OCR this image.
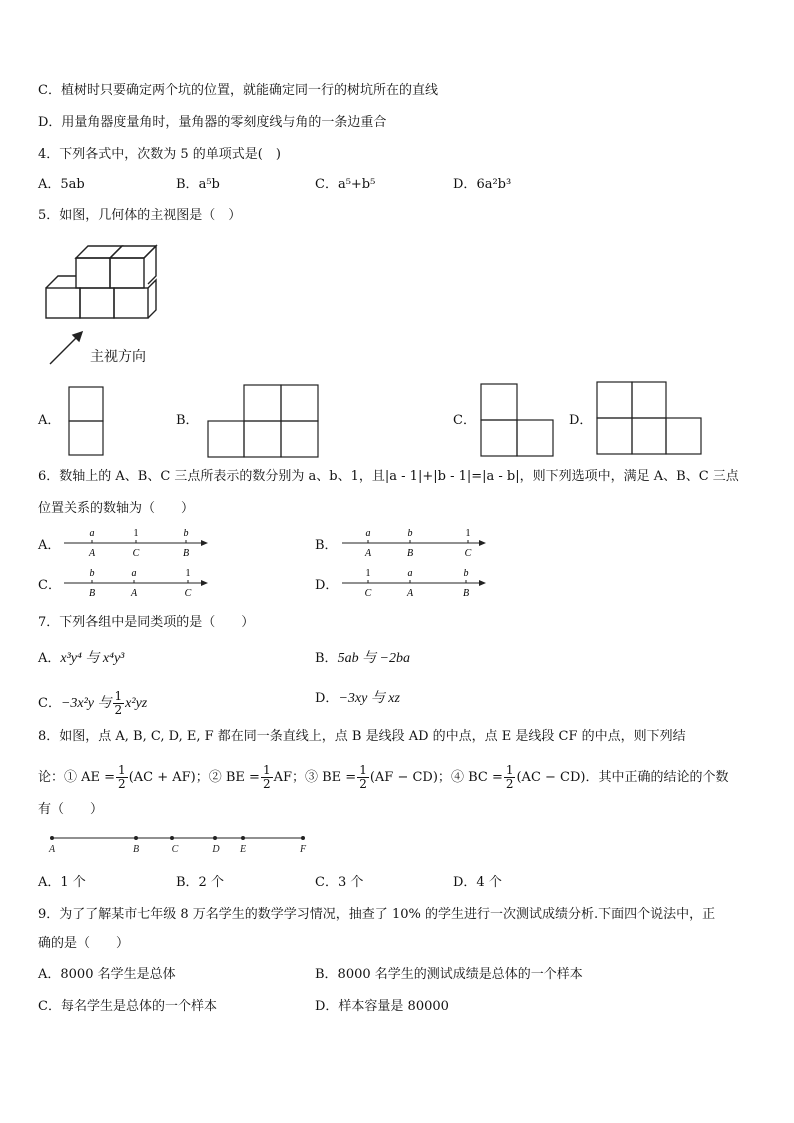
C．植树时只要确定两个坑的位置，就能确定同一行的树坑所在的直线
D．用量角器度量角时，量角器的零刻度线与角的一条边重合
4．下列各式中，次数为 5 的单项式是(　)
A．5ab	B．a⁵b	C．a⁵+b⁵	D．6a²b³
5．如图，几何体的主视图是（　）
主视方向
A．	B．	C．	D．
6．数轴上的 A、B、C 三点所表示的数分别为 a、b、1，且|a - 1|+|b - 1|=|a - b|，则下列选项中，满足 A、B、C 三点
位置关系的数轴为（　　）
A．
a	1	b
A	C	B
B．
a	b	1
A	B	C
C．
b	a	1
B	A	C
D．
1	a	b
C	A	B
7．下列各组中是同类项的是（　　）
A．x³y⁴ 与 x⁴y³	B．5ab 与 −2ba
C．−3x²y 与 $\frac{1}{2} x^2yz$	D．−3xy 与 xz
8．如图，点 A, B, C, D, E, F 都在同一条直线上，点 B 是线段 AD 的中点，点 E 是线段 CF 的中点，则下列结
论：① AE = $\frac{1}{2} (AC + AF)$；② BE = $\frac{1}{2}$ AF；③ BE = $\frac{1}{2} (AF - CD)$；④ BC = $\frac{1}{2} (AC - CD)$．其中正确的结论的个数
有（　　）
A	B	C	D E	F
A．1 个	B．2 个	C．3 个	D．4 个
9．为了了解某市七年级 8 万名学生的数学学习情况，抽查了 10% 的学生进行一次测试成绩分析.下面四个说法中，正
确的是（　　）
A．8000 名学生是总体	B．8000 名学生的测试成绩是总体的一个样本
C．每名学生是总体的一个样本	D．样本容量是 80000
